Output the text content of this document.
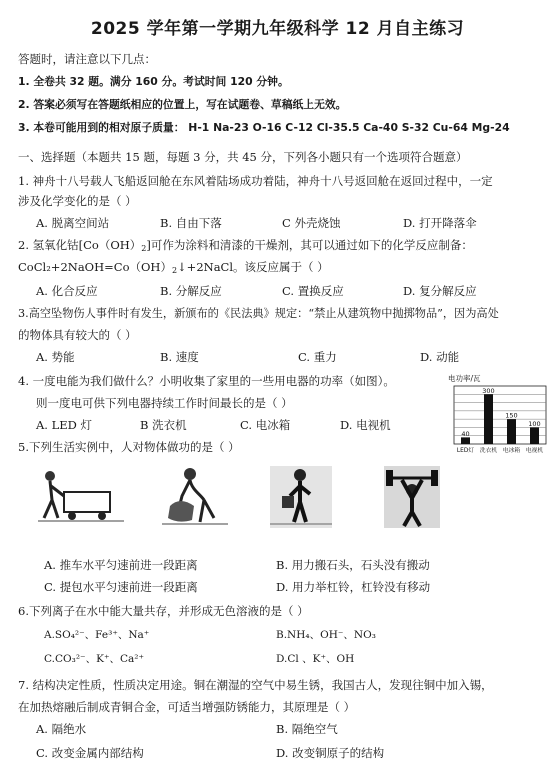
2025 学年第一学期九年级科学 12 月自主练习
答题时，请注意以下几点：
1. 全卷共 32 题。满分 160 分。考试时间 120 分钟。
2. 答案必须写在答题纸相应的位置上，写在试题卷、草稿纸上无效。
3. 本卷可能用到的相对原子质量： H-1 Na-23 O-16 C-12 Cl-35.5 Ca-40 S-32 Cu-64 Mg-24
一、选择题（本题共 15 题，每题 3 分，共 45 分，下列各小题只有一个选项符合题意）
1. 神舟十八号载人飞船返回舱在东风着陆场成功着陆，神舟十八号返回舱在返回过程中，一定
涉及化学变化的是（ ）
A. 脱离空间站	B. 自由下落	C 外壳烧蚀	D. 打开降落伞
2. 氢氧化钴$[Co(OH)_2]$可作为涂料和清漆的干燥剂，其可以通过如下的化学反应制备：
$CoCl_2+2NaOH=Co(OH)_2↓+2NaCl$。该反应属于（ ）
A. 化合反应	B. 分解反应	C. 置换反应	D. 复分解反应
3.高空坠物伤人事件时有发生，新颁布的《民法典》规定：“禁止从建筑物中抛掷物品”，因为高处
的物体具有较大的（ ）
A. 势能	B. 速度	C. 重力	D. 动能
4. 一度电能为我们做什么？小明收集了家里的一些用电器的功率（如图）。
则一度电可供下列电器持续工作时间最长的是（ ）
A. LED 灯	B 洗衣机	C. 电冰箱	D. 电视机
电功率/瓦
40
300
150
100
LED灯 洗衣机 电冰箱 电视机
5.下列生活实例中，人对物体做功的是（ ）
A. 推车水平匀速前进一段距离	B. 用力搬石头，石头没有搬动
C. 提包水平匀速前进一段距离	D. 用力举杠铃，杠铃没有移动
6.下列离子在水中能大量共存，并形成无色溶液的是（ ）
A.SO₄²⁻、Fe³⁺、Na⁺	B.NH₄、OH⁻、NO₃
C.CO₃²⁻、K⁺、Ca²⁺	D.Cl 、K⁺、OH
7. 结构决定性质，性质决定用途。铜在潮湿的空气中易生锈，我国古人，发现往铜中加入锡，
在加热熔融后制成青铜合金，可适当增强防锈能力，其原理是（ ）
A. 隔绝水	B. 隔绝空气
C. 改变金属内部结构	D. 改变铜原子的结构
